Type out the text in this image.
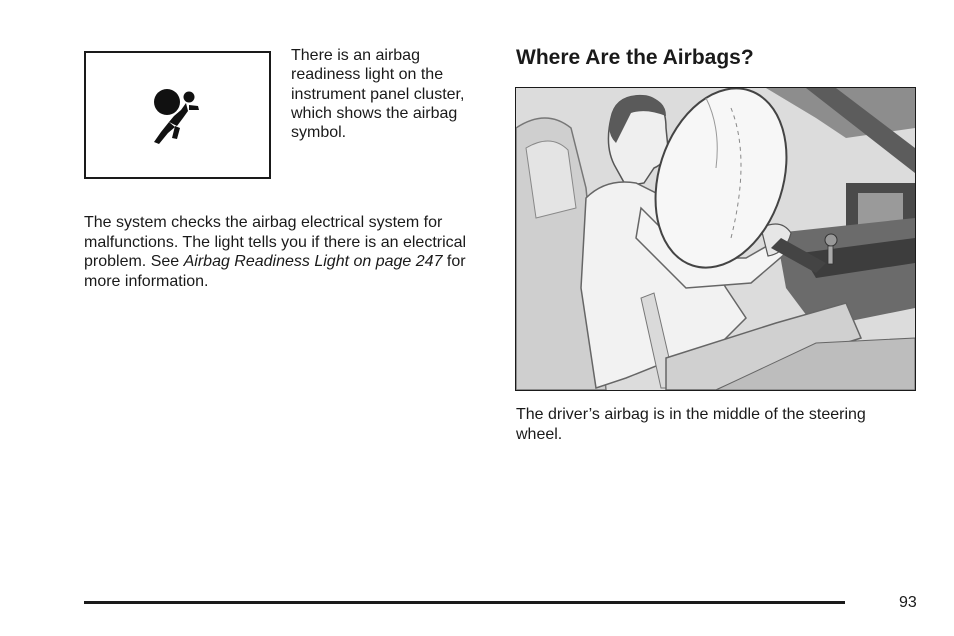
There is an airbag readiness light on the instrument panel cluster, which shows the airbag symbol.

The system checks the airbag electrical system for malfunctions. The light tells you if there is an electrical problem. See Airbag Readiness Light on page 247 for more information.

Where Are the Airbags?

The driver’s airbag is in the middle of the steering wheel.

93
